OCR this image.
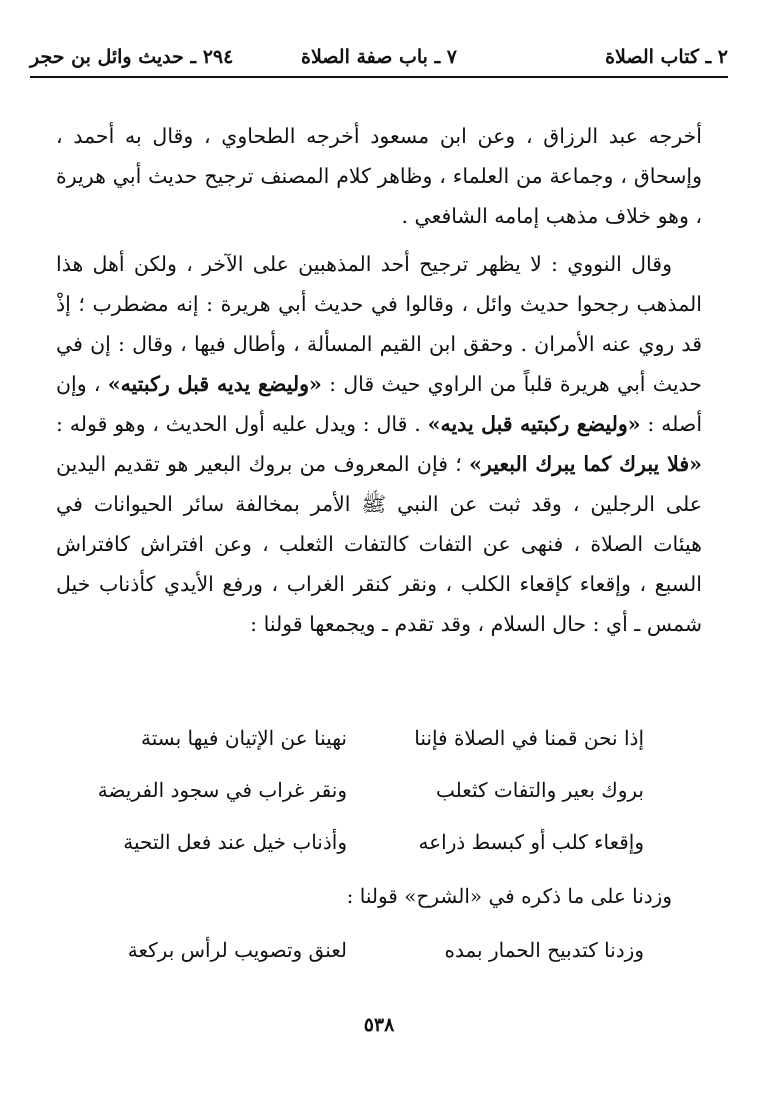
٢ ـ كتاب الصلاة
٧ ـ باب صفة الصلاة
٢٩٤ ـ حديث وائل بن حجر

أخرجه عبد الرزاق ، وعن ابن مسعود أخرجه الطحاوي ، وقال به أحمد ، وإسحاق ، وجماعة من العلماء ، وظاهر كلام المصنف ترجيح حديث أبي هريرة ، وهو خلاف مذهب إمامه الشافعي .

وقال النووي : لا يظهر ترجيح أحد المذهبين على الآخر ، ولكن أهل هذا المذهب رجحوا حديث وائل ، وقالوا في حديث أبي هريرة : إنه مضطرب ؛ إذْ قد روي عنه الأمران . وحقق ابن القيم المسألة ، وأطال فيها ، وقال : إن في حديث أبي هريرة قلباً من الراوي حيث قال : «وليضع يديه قبل ركبتيه» ، وإن أصله : «وليضع ركبتيه قبل يديه» . قال : ويدل عليه أول الحديث ، وهو قوله : «فلا يبرك كما يبرك البعير» ؛ فإن المعروف من بروك البعير هو تقديم اليدين على الرجلين ، وقد ثبت عن النبي ﷺ الأمر بمخالفة سائر الحيوانات في هيئات الصلاة ، فنهى عن التفات كالتفات الثعلب ، وعن افتراش كافتراش السبع ، وإقعاء كإقعاء الكلب ، ونقر كنقر الغراب ، ورفع الأيدي كأذناب خيل شمس ـ أي : حال السلام ، وقد تقدم ـ ويجمعها قولنا :

إذا نحن قمنا في الصلاة فإننا
نهينا عن الإتيان فيها بستة
بروك بعير والتفات كثعلب
ونقر غراب في سجود الفريضة
وإقعاء كلب أو كبسط ذراعه
وأذناب خيل عند فعل التحية
وزدنا على ما ذكره في «الشرح» قولنا :
وزدنا كتدبيح الحمار بمده
لعنق وتصويب لرأس بركعة
٥٣٨
